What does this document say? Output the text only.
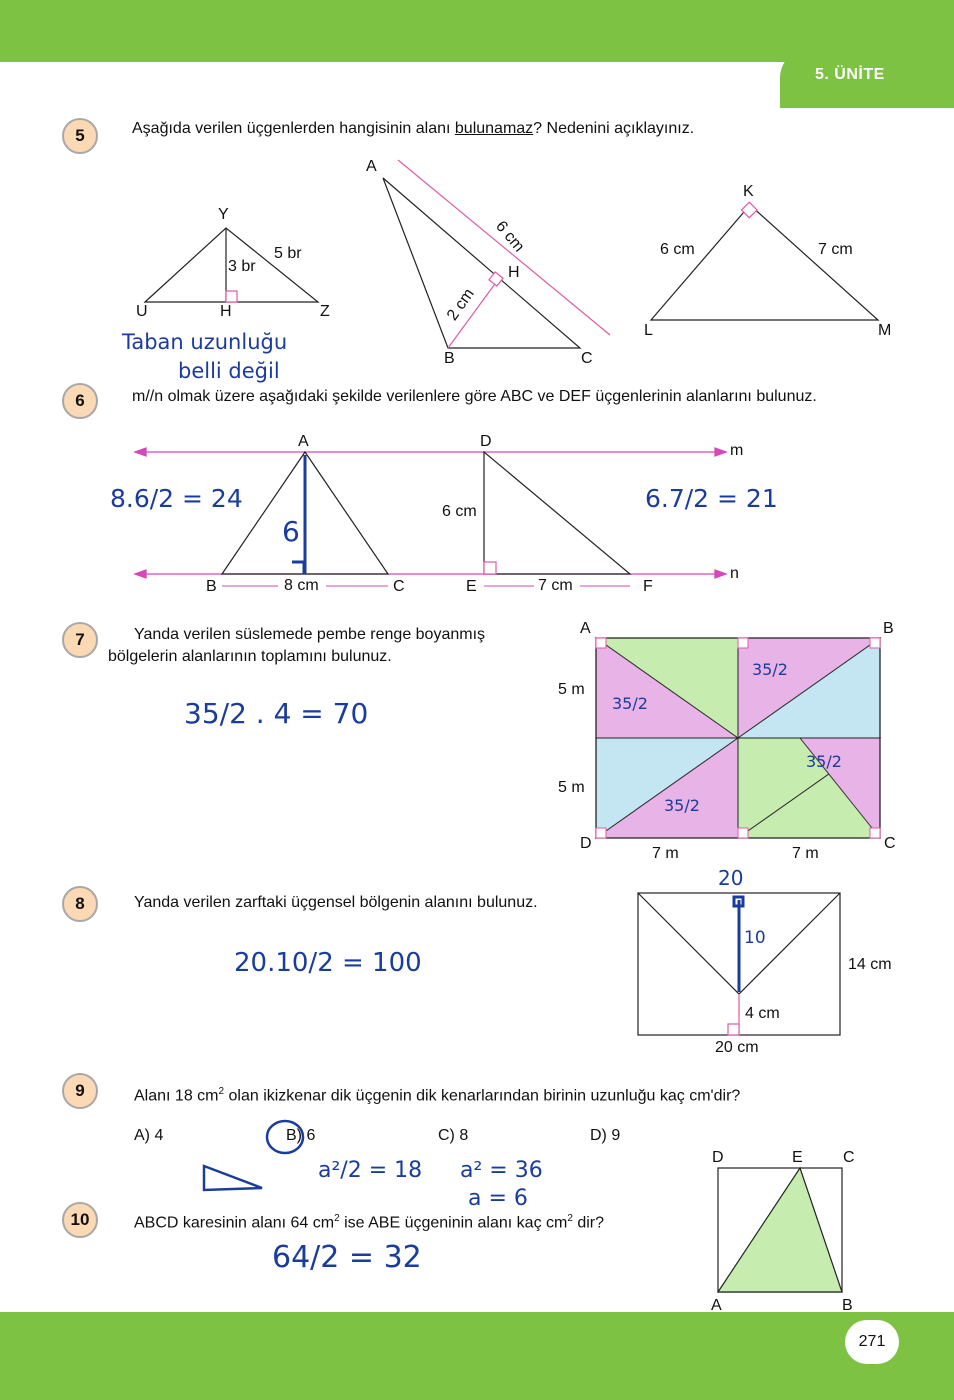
5. ÜNİTE
271
5	Aşağıda verilen üçgenlerden hangisinin alanı bulunamaz? Nedenini açıklayınız.
Y
U	H	Z
3 br
5 br
A
B	C
H
6 cm
2 cm
K
L	M
6 cm	7 cm
Taban uzunluğu
belli değil
6	m//n olmak üzere aşağıdaki şekilde verilenlere göre ABC ve DEF üçgenlerinin alanlarını bulunuz.
A	D
m
n
B	C	E	F
8 cm
6 cm
7 cm
8.6/2 = 24
6
6.7/2 = 21
7	Yanda verilen süslemede pembe renge boyanmış
bölgelerin alanlarının toplamını bulunuz.
A	B
D	C
5 m
5 m
7 m	7 m
35/2 . 4 = 70	35/2
35/2
35/2
35/2
8	Yanda verilen zarftaki üçgensel bölgenin alanını bulunuz.
14 cm
4 cm
20 cm
20.10/2 = 100
20
10
9	Alanı 18 $cm^2$ olan ikizkenar dik üçgenin dik kenarlarından birinin uzunluğu kaç cm'dir?
A) 4	B) 6	C) 8	D) 9
a²/2 = 18 a² = 36
a = 6
10	ABCD karesinin alanı 64 $cm^2$ ise ABE üçgeninin alanı kaç $cm^2$ dir?
D	E	C
A	B
64/2 = 32
